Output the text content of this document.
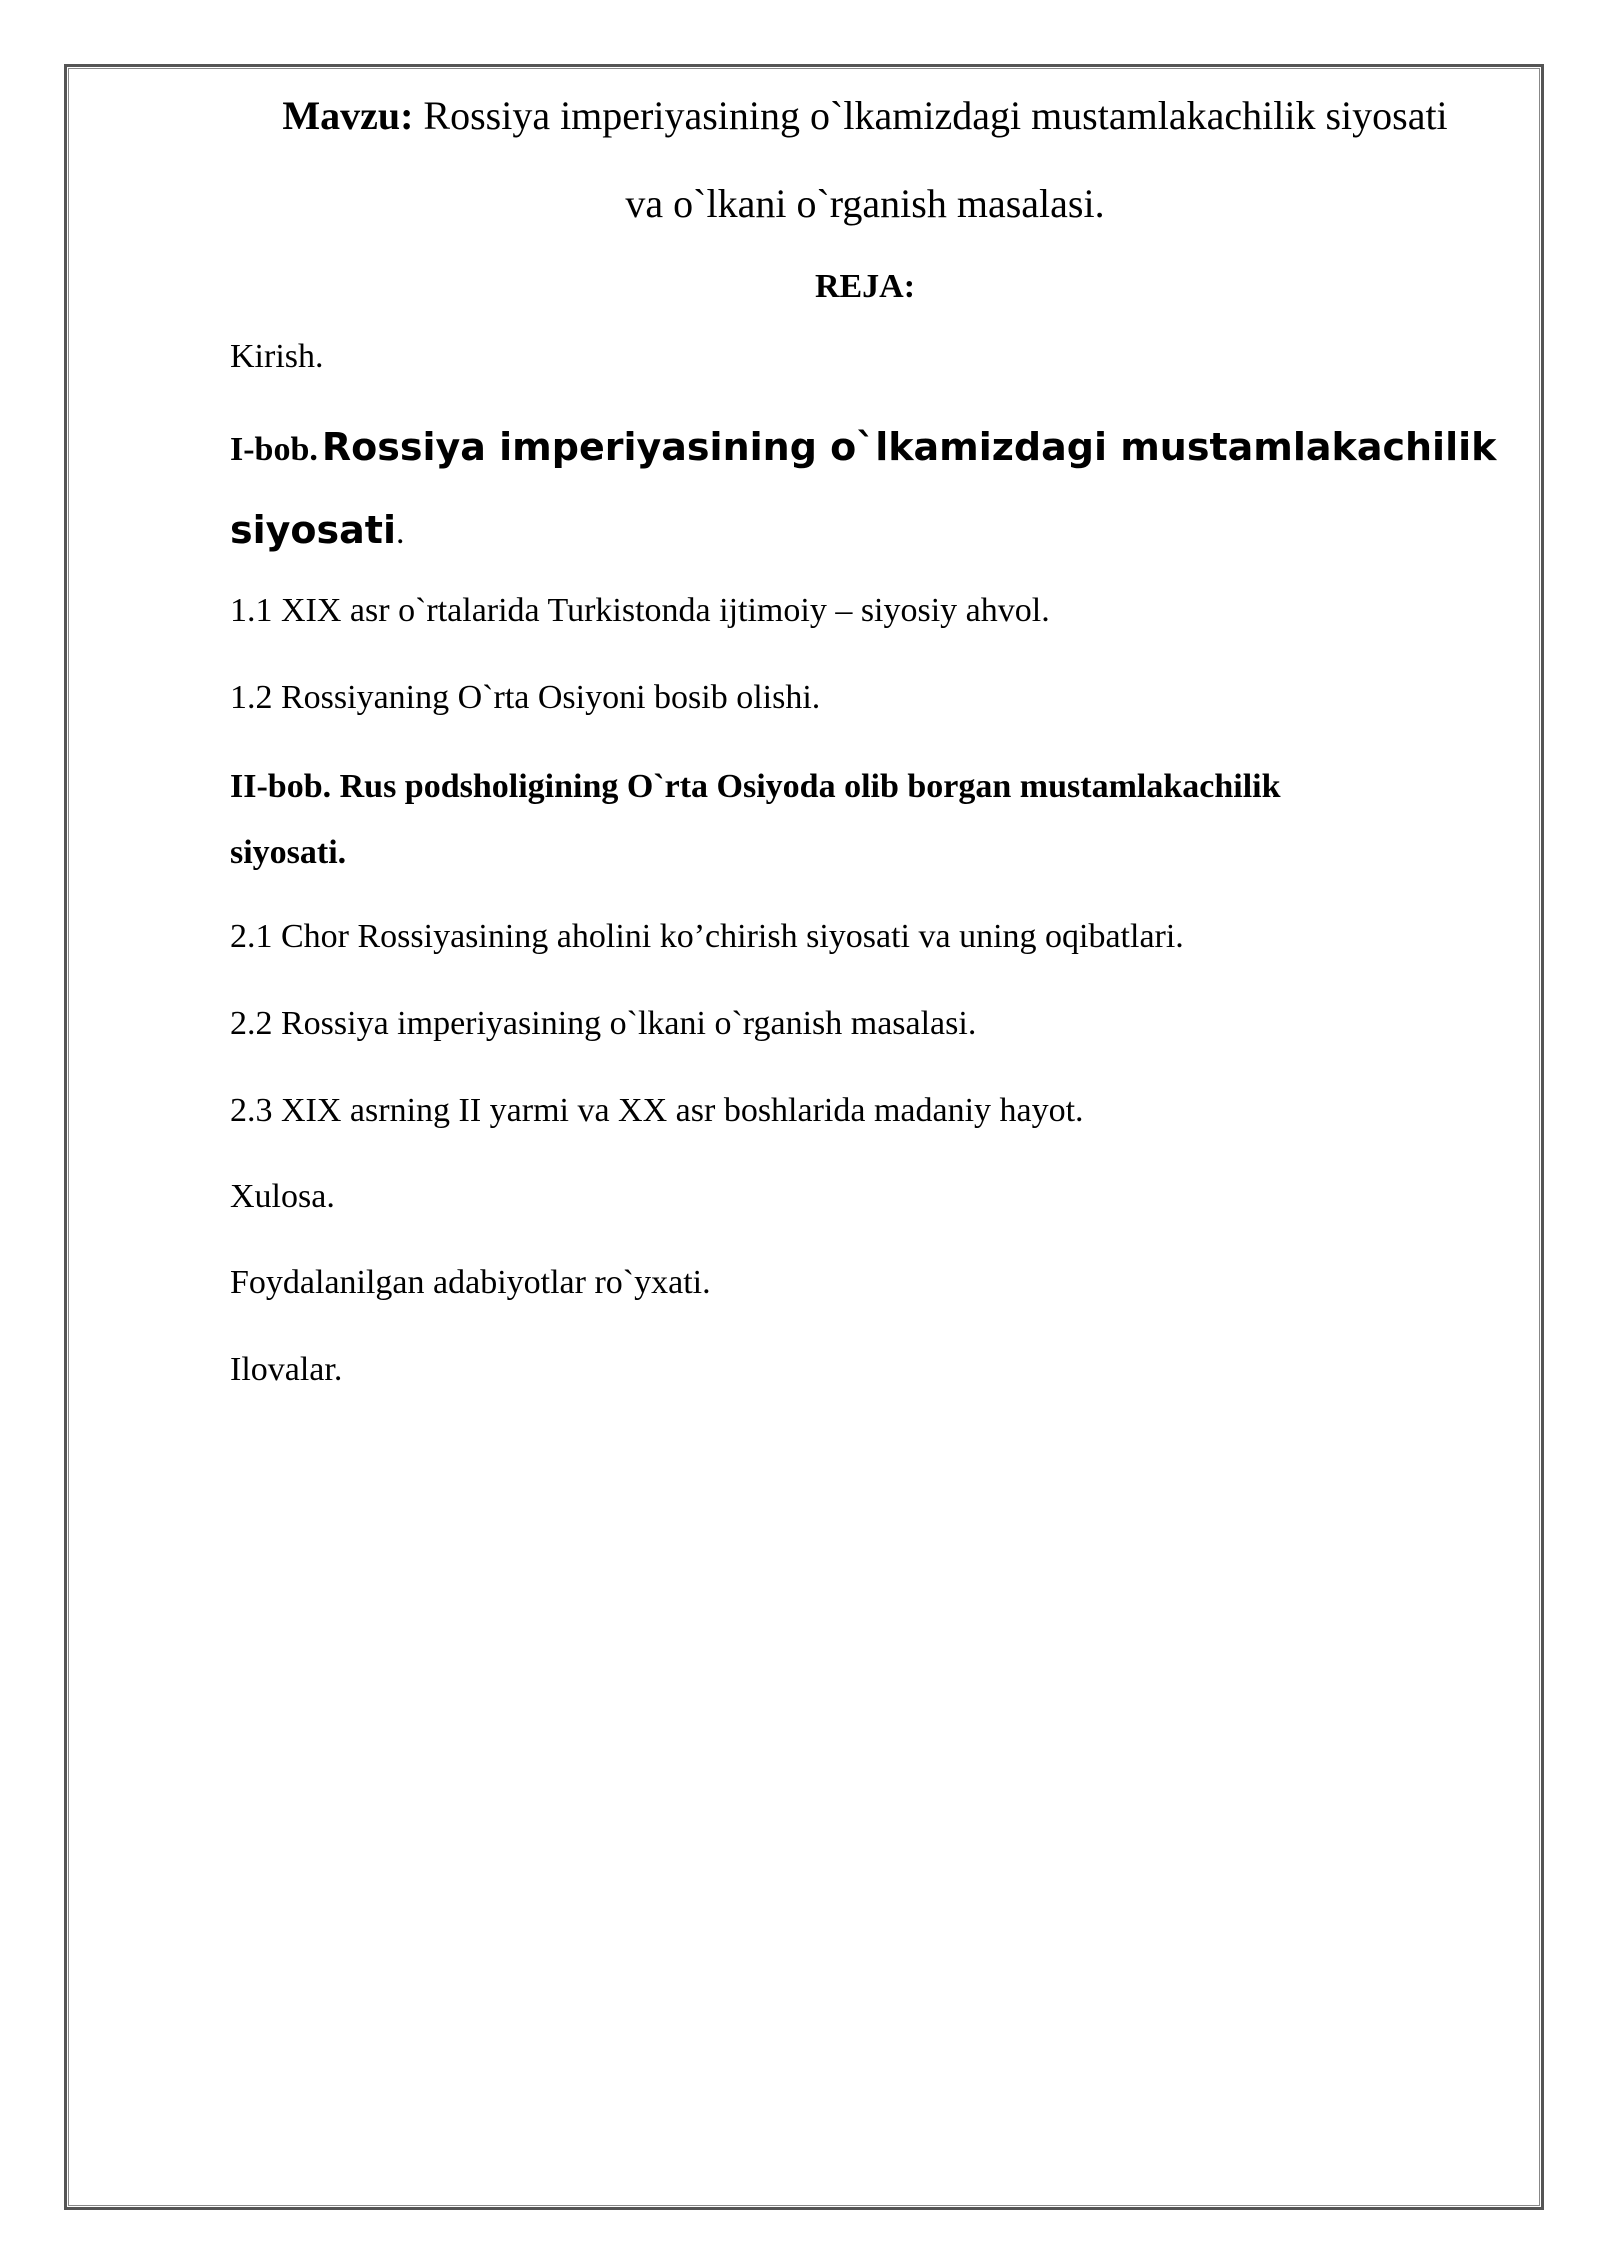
Mavzu: Rossiya imperiyasining o`lkamizdagi mustamlakachilik siyosati
va o`lkani o`rganish masalasi.

REJA:

Kirish.

I-bob. Rossiya imperiyasining o`lkamizdagi mustamlakachilik
siyosati.

1.1 XIX asr o`rtalarida Turkistonda ijtimoiy – siyosiy ahvol.

1.2 Rossiyaning O`rta Osiyoni bosib olishi.

II-bob. Rus podsholigining O`rta Osiyoda olib borgan mustamlakachilik
siyosati.

2.1 Chor Rossiyasining aholini ko’chirish siyosati va uning oqibatlari.

2.2 Rossiya imperiyasining o`lkani o`rganish masalasi.

2.3 XIX asrning II yarmi va XX asr boshlarida madaniy hayot.

Xulosa.

Foydalanilgan adabiyotlar ro`yxati.

Ilovalar.
